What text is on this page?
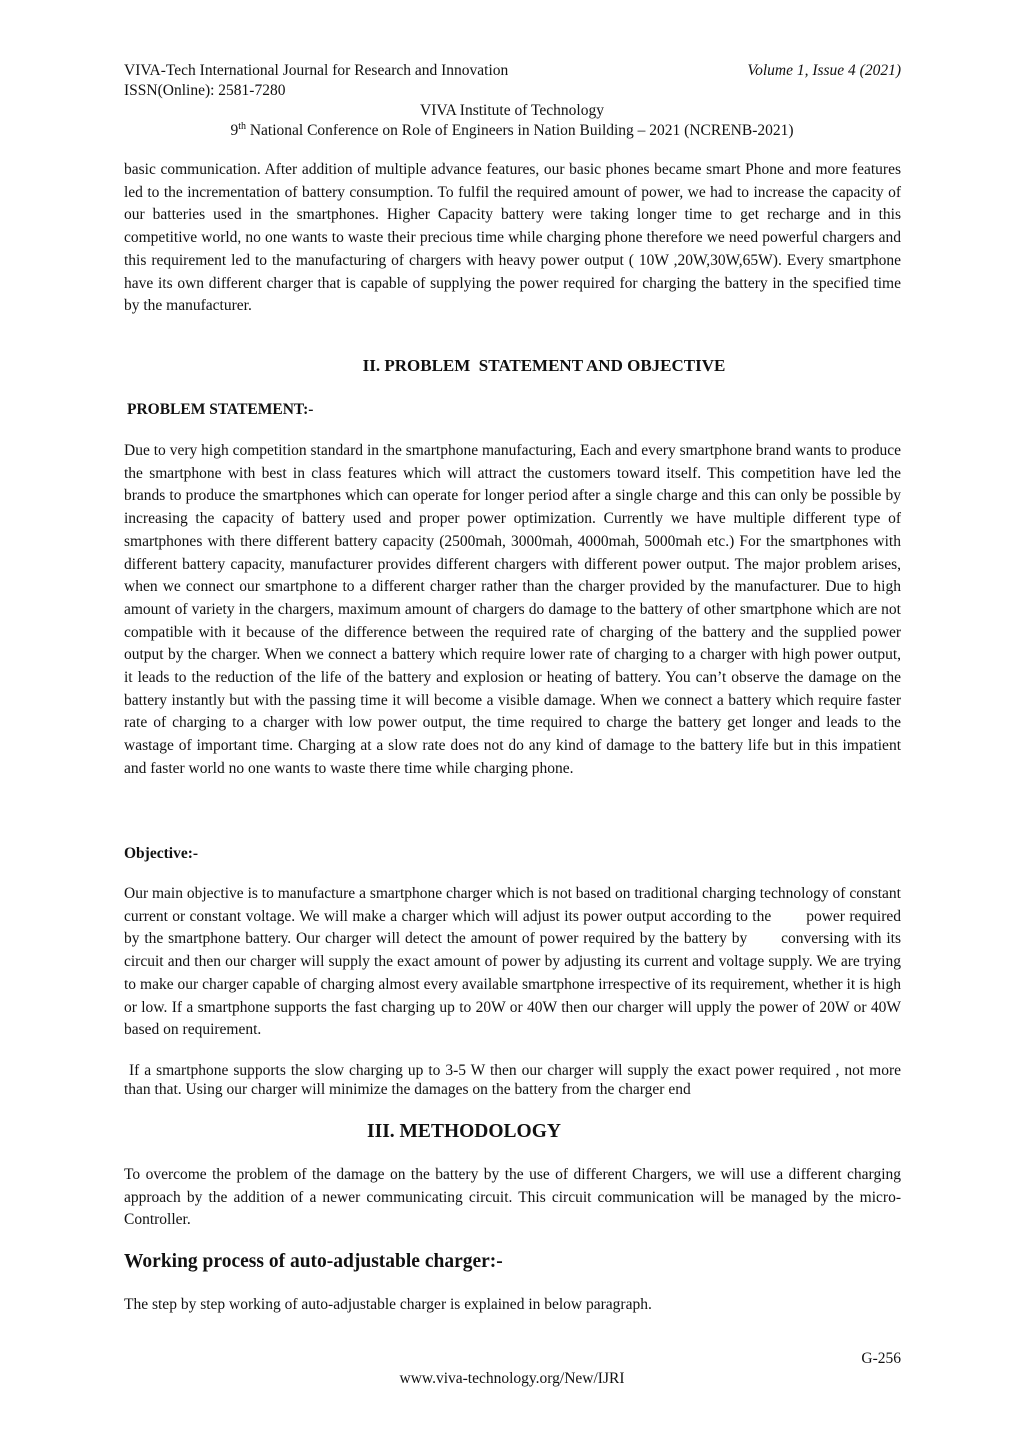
VIVA-Tech International Journal for Research and Innovation
ISSN(Online): 2581-7280
Volume 1, Issue 4 (2021)
VIVA Institute of Technology
9th National Conference on Role of Engineers in Nation Building – 2021 (NCRENB-2021)

basic communication. After addition of multiple advance features, our basic phones became smart Phone and more features led to the incrementation of battery consumption. To fulfil the required amount of power, we had to increase the capacity of our batteries used in the smartphones. Higher Capacity battery were taking longer time to get recharge and in this competitive world, no one wants to waste their precious time while charging phone therefore we need powerful chargers and this requirement led to the manufacturing of chargers with heavy power output ( 10W ,20W,30W,65W). Every smartphone have its own different charger that is capable of supplying the power required for charging the battery in the specified time by the manufacturer.

II. PROBLEM  STATEMENT AND OBJECTIVE
PROBLEM STATEMENT:-

Due to very high competition standard in the smartphone manufacturing, Each and every smartphone brand wants to produce the smartphone with best in class features which will attract the customers toward itself. This competition have led the brands to produce the smartphones which can operate for longer period after a single charge and this can only be possible by increasing the capacity of battery used and proper power optimization. Currently we have multiple different type of smartphones with there different battery capacity (2500mah, 3000mah, 4000mah, 5000mah etc.) For the smartphones with different battery capacity, manufacturer provides different chargers with different power output. The major problem arises, when we connect our smartphone to a different charger rather than the charger provided by the manufacturer. Due to high amount of variety in the chargers, maximum amount of chargers do damage to the battery of other smartphone which are not compatible with it because of the difference between the required rate of charging of the battery and the supplied power output by the charger. When we connect a battery which require lower rate of charging to a charger with high power output, it leads to the reduction of the life of the battery and explosion or heating of battery. You can’t observe the damage on the battery instantly but with the passing time it will become a visible damage. When we connect a battery which require faster rate of charging to a charger with low power output, the time required to charge the battery get longer and leads to the wastage of important time. Charging at a slow rate does not do any kind of damage to the battery life but in this impatient and faster world no one wants to waste there time while charging phone.

Objective:-

Our main objective is to manufacture a smartphone charger which is not based on traditional charging technology of constant current or constant voltage. We will make a charger which will adjust its power output according to the        power required by the smartphone battery. Our charger will detect the amount of power required by the battery by       conversing with its circuit and then our charger will supply the exact amount of power by adjusting its current and voltage supply. We are trying to make our charger capable of charging almost every available smartphone irrespective of its requirement, whether it is high or low. If a smartphone supports the fast charging up to 20W or 40W then our charger will upply the power of 20W or 40W based on requirement.

If a smartphone supports the slow charging up to 3-5 W then our charger will supply the exact power required , not more than that. Using our charger will minimize the damages on the battery from the charger end

III. METHODOLOGY

To overcome the problem of the damage on the battery by the use of different Chargers, we will use a different charging approach by the addition of a newer communicating circuit. This circuit communication will be managed by the micro-Controller.

Working process of auto-adjustable charger:-

The step by step working of auto-adjustable charger is explained in below paragraph.

G-256
www.viva-technology.org/New/IJRI
